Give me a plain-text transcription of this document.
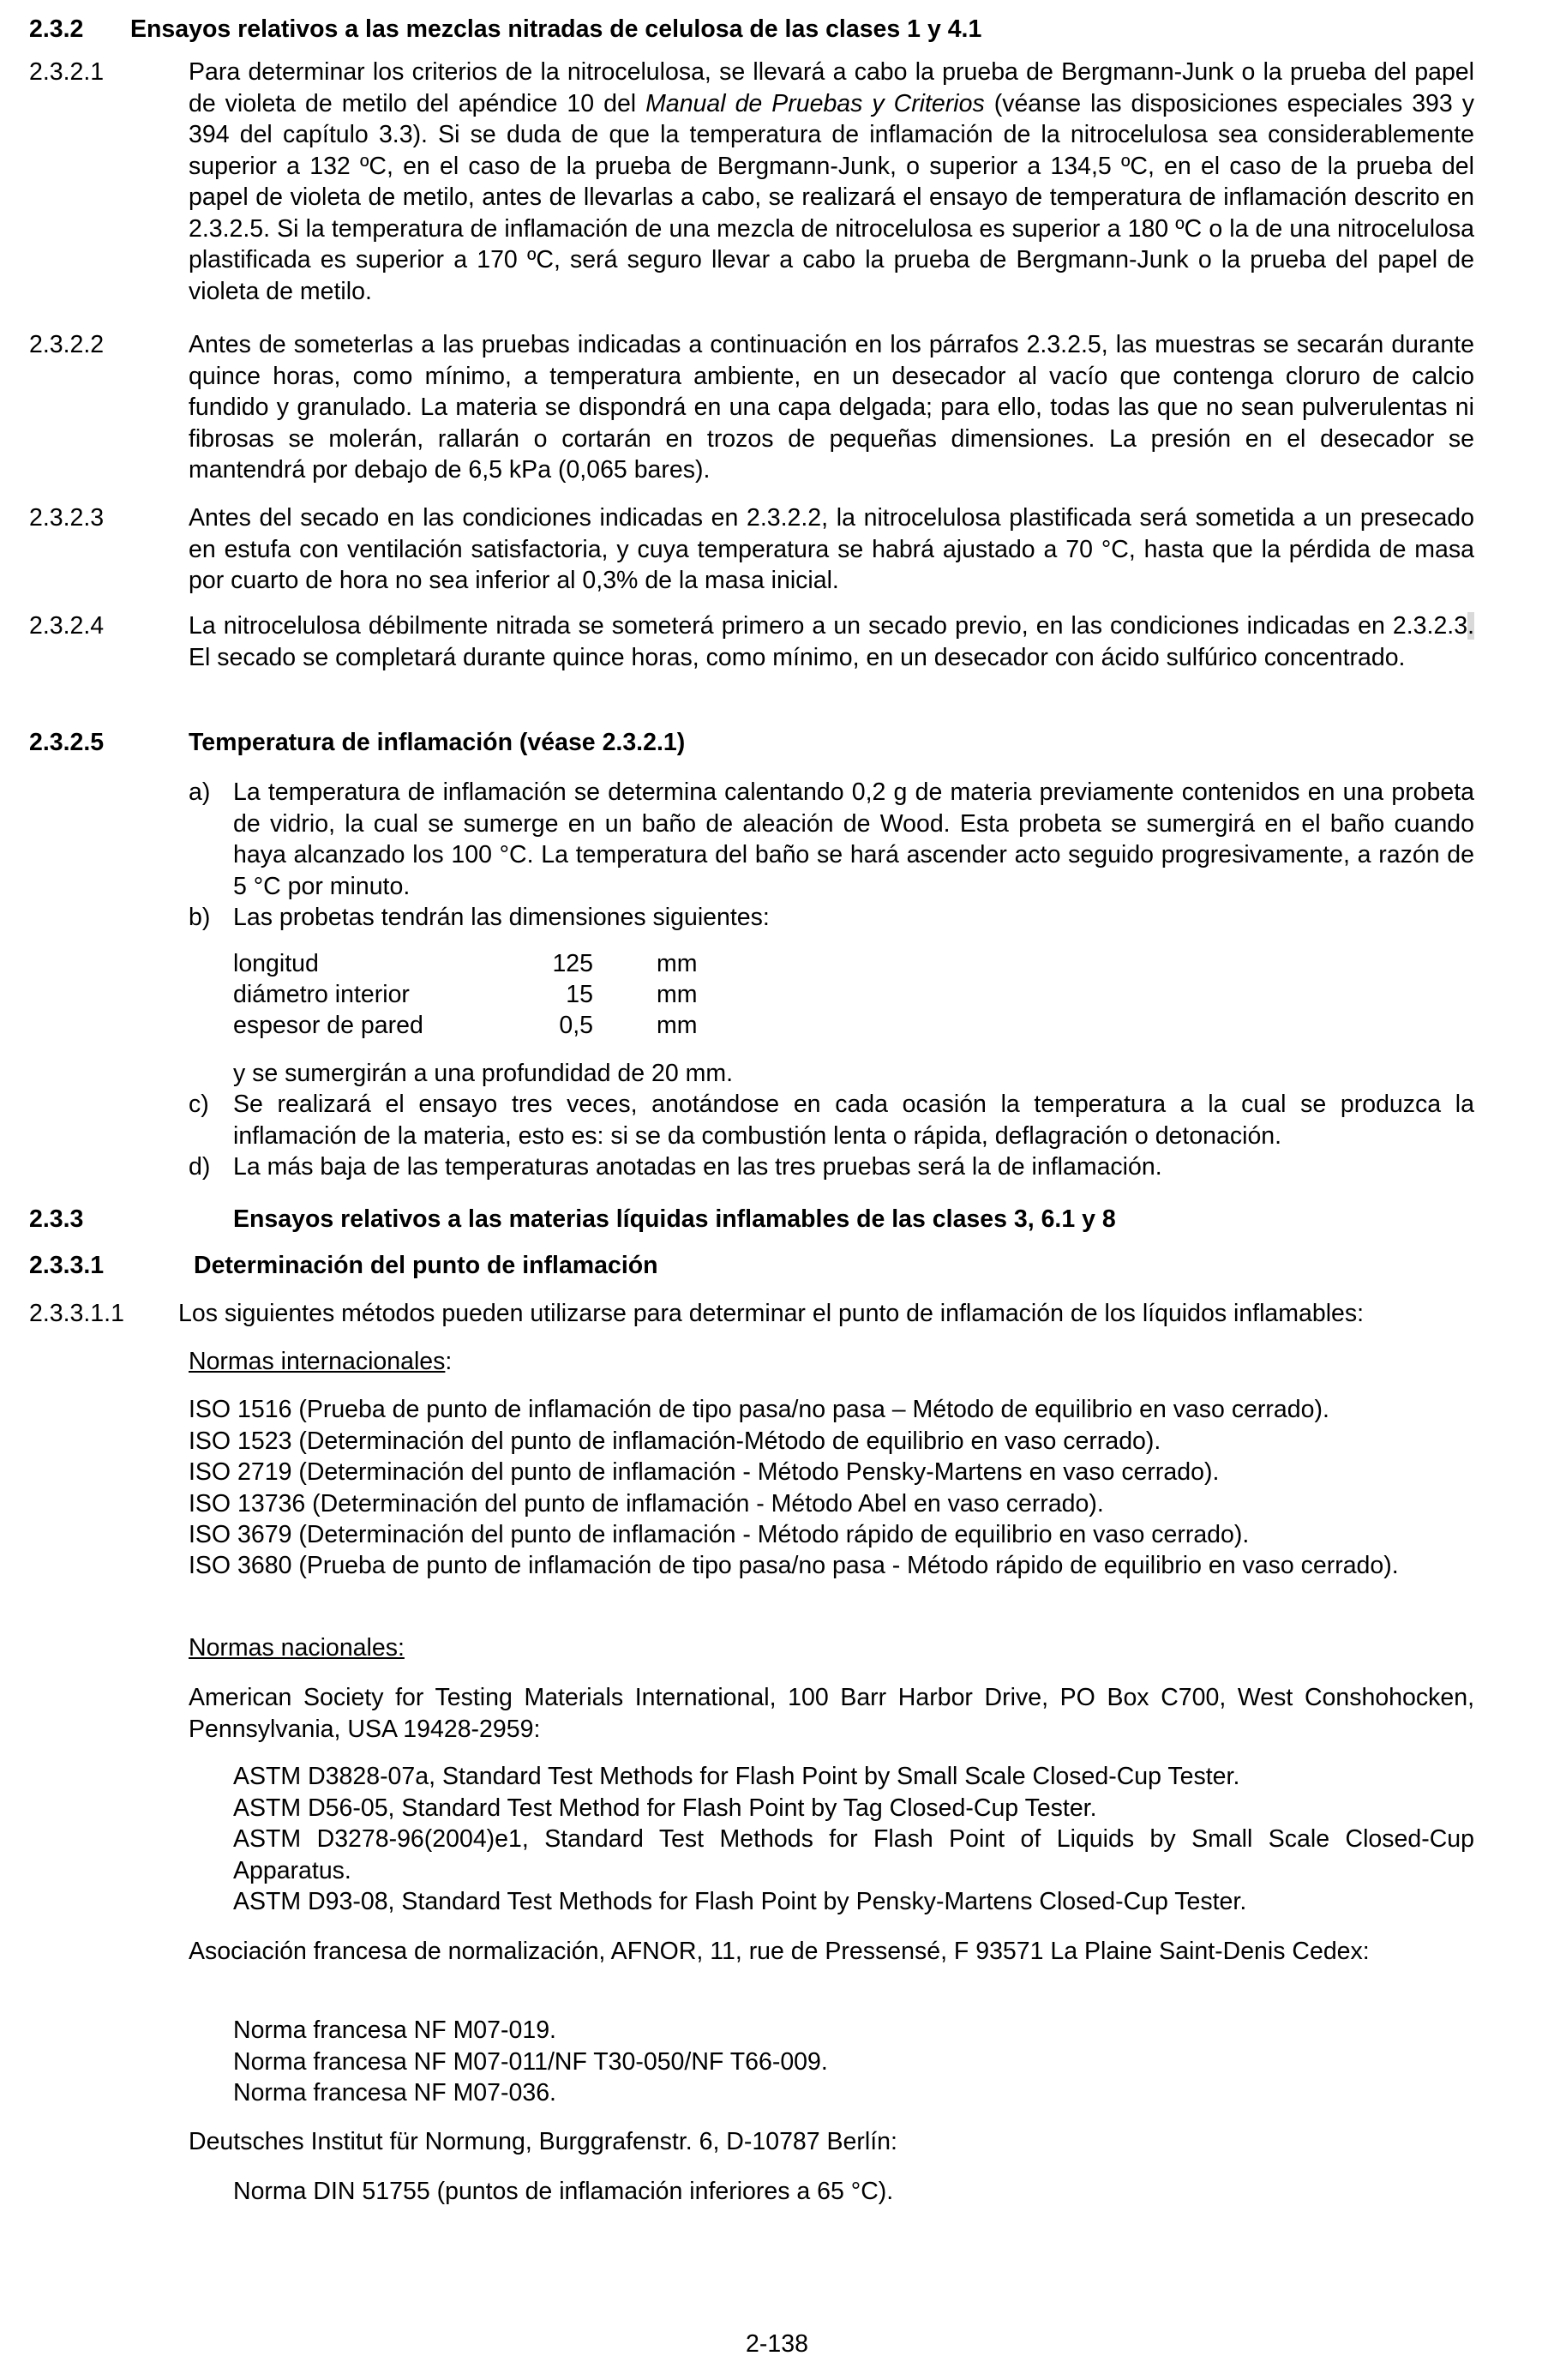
2.3.2 Ensayos relativos a las mezclas nitradas de celulosa de las clases 1 y 4.1
2.3.2.1	Para determinar los criterios de la nitrocelulosa, se llevará a cabo la prueba de Bergmann-Junk o la prueba del papel de violeta de metilo del apéndice 10 del Manual de Pruebas y Criterios (véanse las disposiciones especiales 393 y 394 del capítulo 3.3). Si se duda de que la temperatura de inflamación de la nitrocelulosa sea considerablemente superior a 132 ºC, en el caso de la prueba de Bergmann-Junk, o superior a 134,5 ºC, en el caso de la prueba del papel de violeta de metilo, antes de llevarlas a cabo, se realizará el ensayo de temperatura de inflamación descrito en 2.3.2.5. Si la temperatura de inflamación de una mezcla de nitrocelulosa es superior a 180 ºC o la de una nitrocelulosa plastificada es superior a 170 ºC, será seguro llevar a cabo la prueba de Bergmann-Junk o la prueba del papel de violeta de metilo.
2.3.2.2	Antes de someterlas a las pruebas indicadas a continuación en los párrafos 2.3.2.5, las muestras se secarán durante quince horas, como mínimo, a temperatura ambiente, en un desecador al vacío que contenga cloruro de calcio fundido y granulado. La materia se dispondrá en una capa delgada; para ello, todas las que no sean pulverulentas ni fibrosas se molerán, rallarán o cortarán en trozos de pequeñas dimensiones. La presión en el desecador se mantendrá por debajo de 6,5 kPa (0,065 bares).
2.3.2.3	Antes del secado en las condiciones indicadas en 2.3.2.2, la nitrocelulosa plastificada será sometida a un presecado en estufa con ventilación satisfactoria, y cuya temperatura se habrá ajustado a 70 °C, hasta que la pérdida de masa por cuarto de hora no sea inferior al 0,3% de la masa inicial.
2.3.2.4	La nitrocelulosa débilmente nitrada se someterá primero a un secado previo, en las condiciones indicadas en 2.3.2.3. El secado se completará durante quince horas, como mínimo, en un desecador con ácido sulfúrico concentrado.
2.3.2.5	Temperatura de inflamación (véase 2.3.2.1)
a) La temperatura de inflamación se determina calentando 0,2 g de materia previamente contenidos en una probeta de vidrio, la cual se sumerge en un baño de aleación de Wood. Esta probeta se sumergirá en el baño cuando haya alcanzado los 100 °C. La temperatura del baño se hará ascender acto seguido progresivamente, a razón de 5 °C por minuto.
b) Las probetas tendrán las dimensiones siguientes:
longitud	125	mm
diámetro interior	15	mm
espesor de pared	0,5	mm
y se sumergirán a una profundidad de 20 mm.
c) Se realizará el ensayo tres veces, anotándose en cada ocasión la temperatura a la cual se produzca la inflamación de la materia, esto es: si se da combustión lenta o rápida, deflagración o detonación.
d) La más baja de las temperaturas anotadas en las tres pruebas será la de inflamación.
2.3.3	Ensayos relativos a las materias líquidas inflamables de las clases 3, 6.1 y 8
2.3.3.1	Determinación del punto de inflamación
2.3.3.1.1 Los siguientes métodos pueden utilizarse para determinar el punto de inflamación de los líquidos inflamables:
Normas internacionales:
ISO 1516 (Prueba de punto de inflamación de tipo pasa/no pasa – Método de equilibrio en vaso cerrado).
ISO 1523 (Determinación del punto de inflamación-Método de equilibrio en vaso cerrado).
ISO 2719 (Determinación del punto de inflamación - Método Pensky-Martens en vaso cerrado).
ISO 13736 (Determinación del punto de inflamación - Método Abel en vaso cerrado).
ISO 3679 (Determinación del punto de inflamación - Método rápido de equilibrio en vaso cerrado).
ISO 3680 (Prueba de punto de inflamación de tipo pasa/no pasa - Método rápido de equilibrio en vaso cerrado).
Normas nacionales:
American Society for Testing Materials International, 100 Barr Harbor Drive, PO Box C700, West Conshohocken, Pennsylvania, USA 19428-2959:
ASTM D3828-07a, Standard Test Methods for Flash Point by Small Scale Closed-Cup Tester.
ASTM D56-05, Standard Test Method for Flash Point by Tag Closed-Cup Tester.
ASTM D3278-96(2004)e1, Standard Test Methods for Flash Point of Liquids by Small Scale Closed-Cup Apparatus.
ASTM D93-08, Standard Test Methods for Flash Point by Pensky-Martens Closed-Cup Tester.
Asociación francesa de normalización, AFNOR, 11, rue de Pressensé, F 93571 La Plaine Saint-Denis Cedex:
Norma francesa NF M07-019.
Norma francesa NF M07-011/NF T30-050/NF T66-009.
Norma francesa NF M07-036.
Deutsches Institut für Normung, Burggrafenstr. 6, D-10787 Berlín:
Norma DIN 51755 (puntos de inflamación inferiores a 65 °C).
2-138
